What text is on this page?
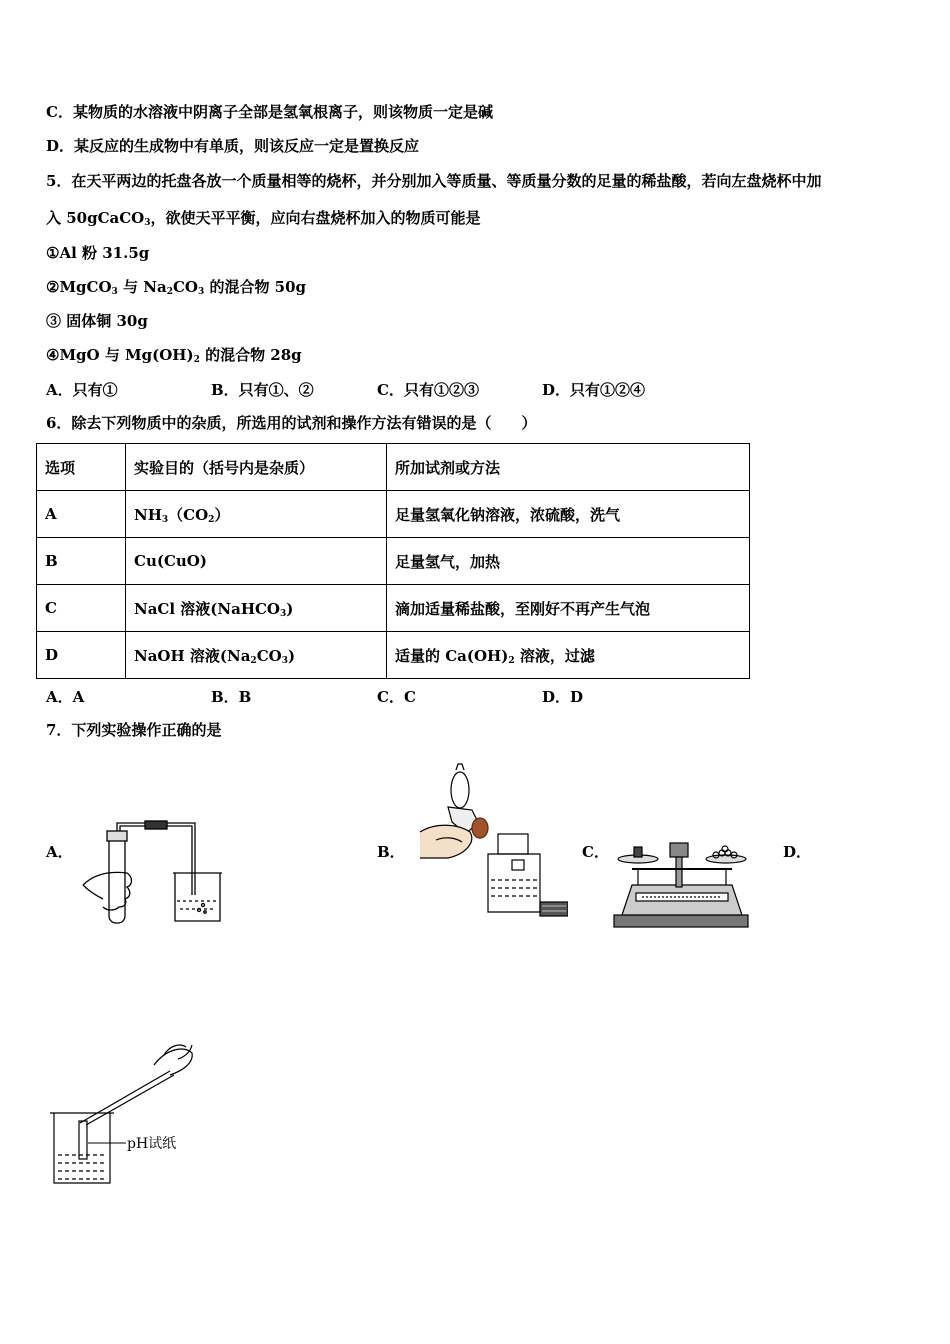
C．某物质的水溶液中阴离子全部是氢氧根离子，则该物质一定是碱
D．某反应的生成物中有单质，则该反应一定是置换反应
5．在天平两边的托盘各放一个质量相等的烧杯，并分别加入等质量、等质量分数的足量的稀盐酸，若向左盘烧杯中加
入 50gCaCO$_3$，欲使天平平衡，应向右盘烧杯加入的物质可能是
①Al 粉 31.5g
②MgCO$_3$ 与 $Na_2CO_3$ 的混合物 50g
③ 固体铜 30g
④MgO 与 $Mg(OH)_2$ 的混合物 28g
A．只有①	B．只有①、②	C．只有①②③	D．只有①②④
6．除去下列物质中的杂质，所选用的试剂和操作方法有错误的是（　　）
选项	实验目的（括号内是杂质）	所加试剂或方法
A	$NH_3(CO_2)$	足量氢氧化钠溶液，浓硫酸，洗气
B	Cu(CuO)	足量氢气，加热
C	NaCl 溶液(NaHCO$_3$)	滴加适量稀盐酸，至刚好不再产生气泡
D	NaOH 溶液$(Na_2CO_3)$	适量的 $Ca(OH)_2$ 溶液，过滤
A．A	B．B	C．C	D．D
7．下列实验操作正确的是
A．	B．	C．	D．
pH试纸
